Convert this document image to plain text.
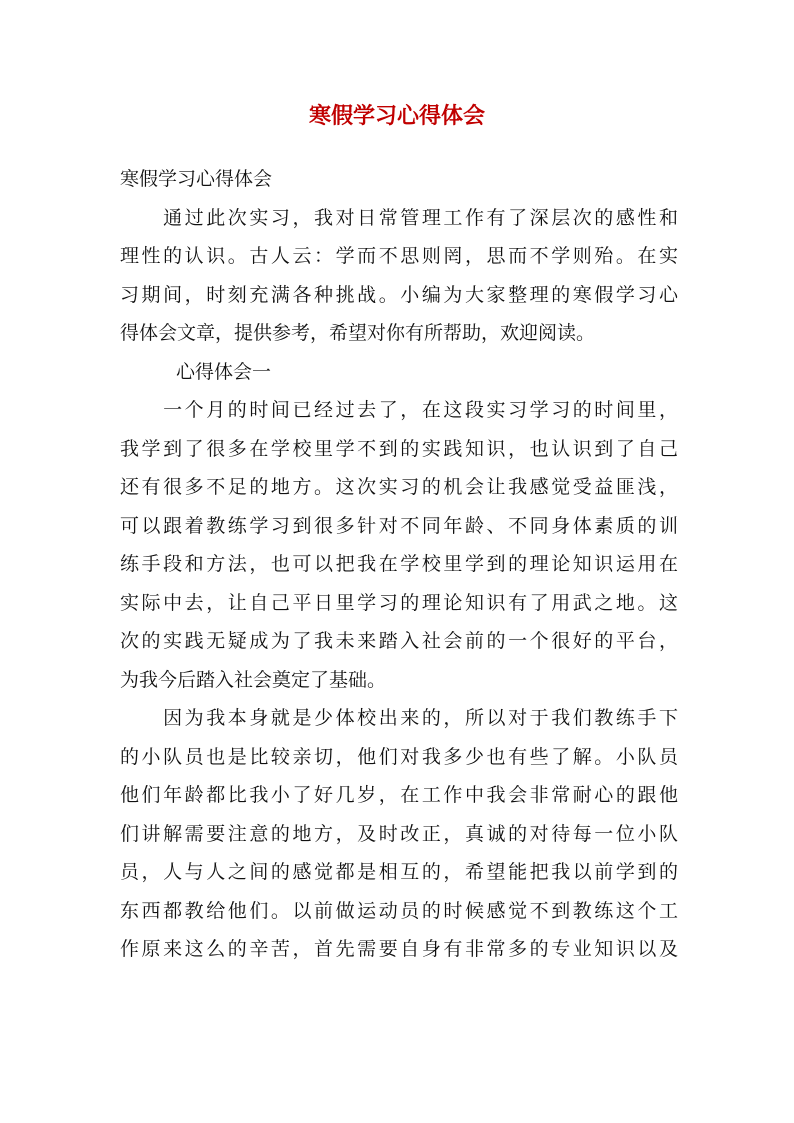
寒假学习心得体会
寒假学习心得体会
　　通过此次实习，我对日常管理工作有了深层次的感性和
理性的认识。古人云：学而不思则罔，思而不学则殆。在实
习期间，时刻充满各种挑战。小编为大家整理的寒假学习心
得体会文章，提供参考，希望对你有所帮助，欢迎阅读。
心得体会一
　　一个月的时间已经过去了，在这段实习学习的时间里，
我学到了很多在学校里学不到的实践知识，也认识到了自己
还有很多不足的地方。这次实习的机会让我感觉受益匪浅，
可以跟着教练学习到很多针对不同年龄、不同身体素质的训
练手段和方法，也可以把我在学校里学到的理论知识运用在
实际中去，让自己平日里学习的理论知识有了用武之地。这
次的实践无疑成为了我未来踏入社会前的一个很好的平台，
为我今后踏入社会奠定了基础。
　　因为我本身就是少体校出来的，所以对于我们教练手下
的小队员也是比较亲切，他们对我多少也有些了解。小队员
他们年龄都比我小了好几岁，在工作中我会非常耐心的跟他
们讲解需要注意的地方，及时改正，真诚的对待每一位小队
员，人与人之间的感觉都是相互的，希望能把我以前学到的
东西都教给他们。以前做运动员的时候感觉不到教练这个工
作原来这么的辛苦，首先需要自身有非常多的专业知识以及
